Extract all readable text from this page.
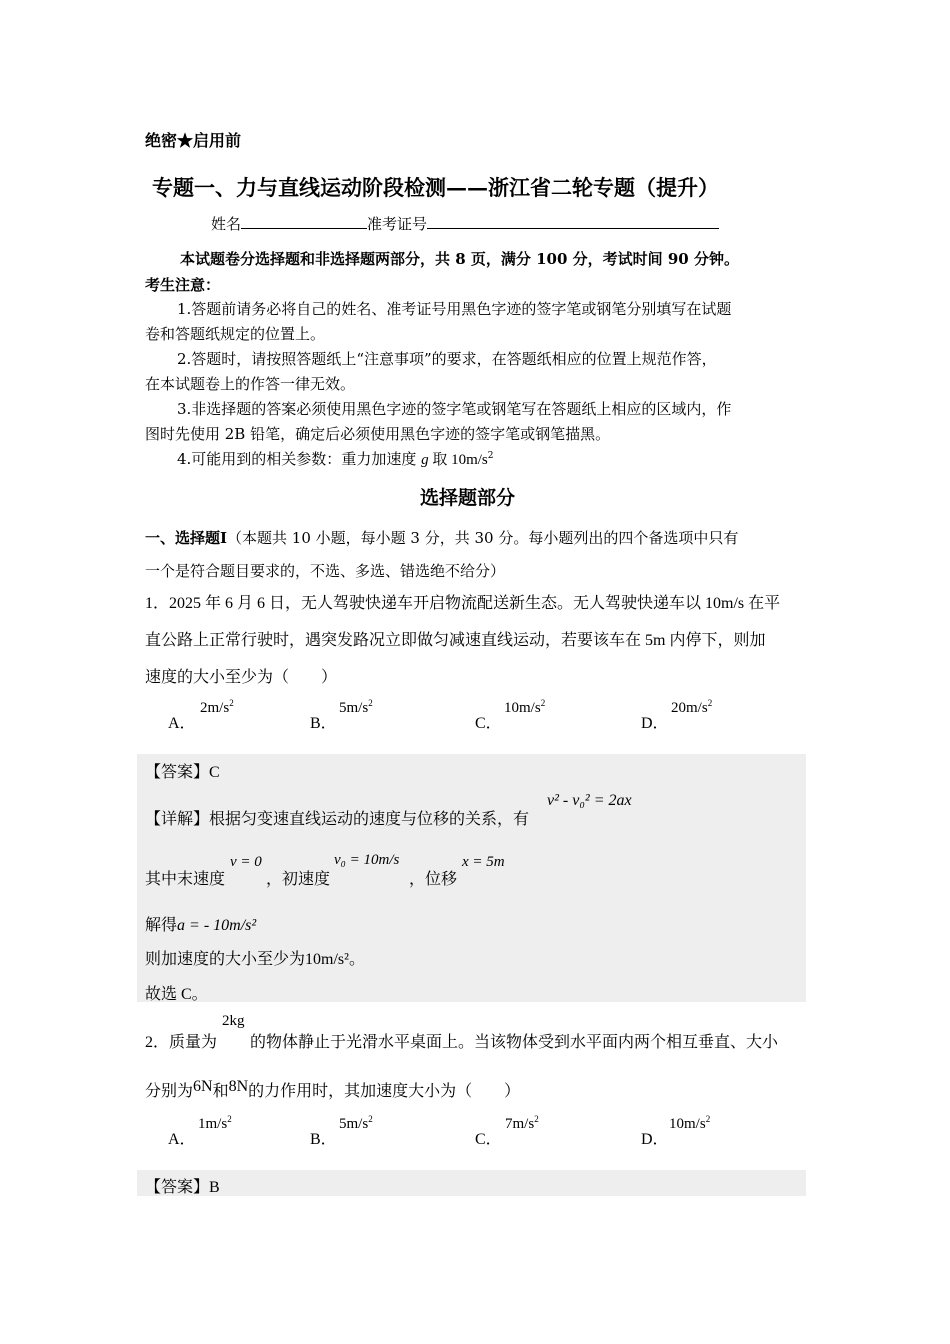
绝密★启用前
专题一、力与直线运动阶段检测——浙江省二轮专题（提升）
姓名	准考证号
本试题卷分选择题和非选择题两部分，共 8 页，满分 100 分，考试时间 90 分钟。
考生注意：
1.答题前请务必将自己的姓名、准考证号用黑色字迹的签字笔或钢笔分别填写在试题
卷和答题纸规定的位置上。
2.答题时，请按照答题纸上“注意事项”的要求，在答题纸相应的位置上规范作答，
在本试题卷上的作答一律无效。
3.非选择题的答案必须使用黑色字迹的签字笔或钢笔写在答题纸上相应的区域内，作
图时先使用 2B 铅笔，确定后必须使用黑色字迹的签字笔或钢笔描黑。
4.可能用到的相关参数：重力加速度 g 取 $10m/s^2$
选择题部分
一、选择题Ⅰ（本题共 10 小题，每小题 3 分，共 30 分。每小题列出的四个备选项中只有
一个是符合题目要求的，不选、多选、错选绝不给分）
1．2025 年 6 月 6 日，无人驾驶快递车开启物流配送新生态。无人驾驶快递车以 10m/s 在平
直公路上正常行驶时，遇突发路况立即做匀减速直线运动，若要该车在 5m 内停下，则加
速度的大小至少为（　　）
A．
$2m/s^2$
B．
$5m/s^2$
C．
$10m/s^2$
D．
$20m/s^2$
【答案】C
【详解】根据匀变速直线运动的速度与位移的关系，有
v² - v₀² = 2ax
其中末速度
v = 0
，初速度
v₀ = 10m/s
，位移
x = 5m
解得a = - 10m/s²
则加速度的大小至少为10m/s²。
故选 C。
2kg
2．质量为 的物体静止于光滑水平桌面上。当该物体受到水平面内两个相互垂直、大小
分别为6N和8N的力作用时，其加速度大小为（　　）
A．
$1m/s^2$
B．
$5m/s^2$
C．
$7m/s^2$
D．
$10m/s^2$
【答案】B
